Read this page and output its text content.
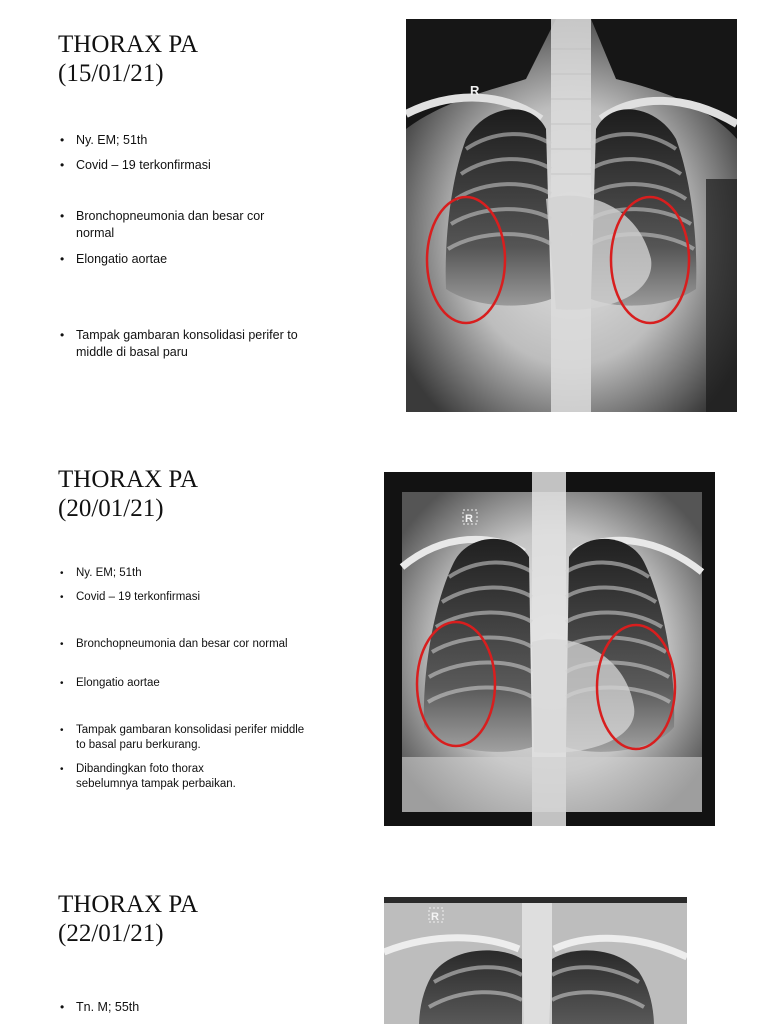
THORAX PA
(15/01/21)
• Ny. EM; 51th
• Covid – 19 terkonfirmasi
• Bronchopneumonia dan besar cor normal
• Elongatio aortae
• Tampak gambaran konsolidasi perifer to middle di basal paru
R
THORAX PA
(20/01/21)
• Ny. EM; 51th
• Covid – 19 terkonfirmasi
• Bronchopneumonia dan besar cor normal
• Elongatio aortae
• Tampak gambaran konsolidasi perifer middle to basal paru berkurang.
• Dibandingkan foto thorax sebelumnya tampak perbaikan.
R
THORAX PA
(22/01/21)
• Tn. M; 55th
R
